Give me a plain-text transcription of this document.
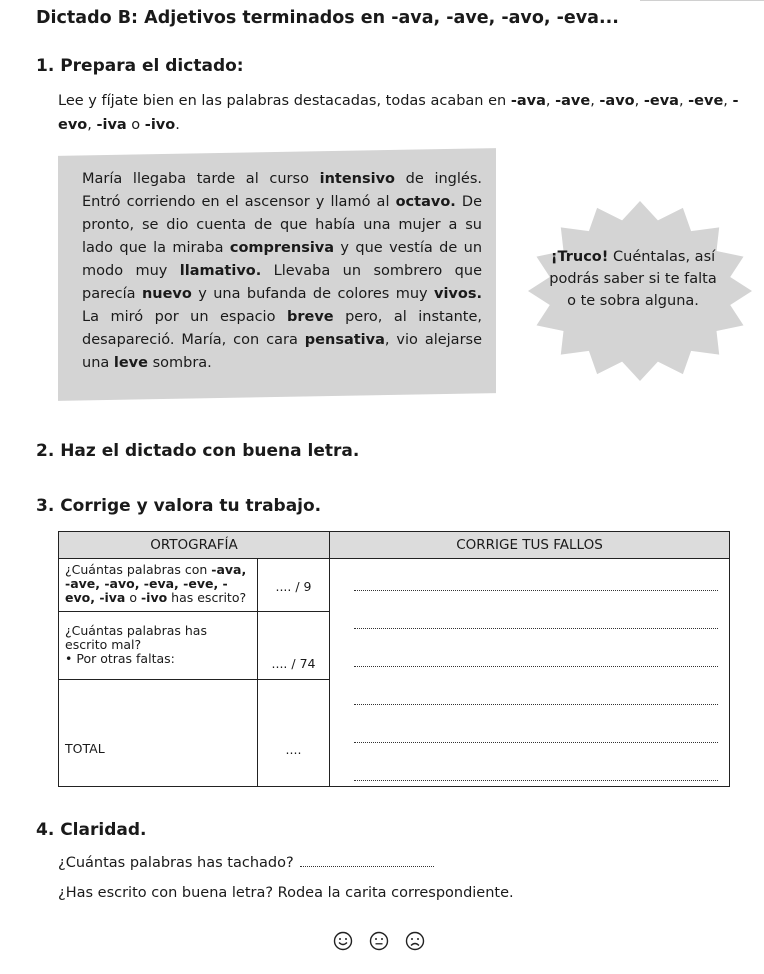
Dictado B: Adjetivos terminados en -ava, -ave, -avo, -eva...
1. Prepara el dictado:
Lee y fíjate bien en las palabras destacadas, todas acaban en -ava, -ave, -avo, -eva, -eve, -evo, -iva o -ivo.
María llegaba tarde al curso intensivo de inglés. Entró corriendo en el ascensor y llamó al octavo. De pronto, se dio cuenta de que había una mujer a su lado que la miraba comprensiva y que vestía de un modo muy llamativo. Llevaba un sombrero que parecía nuevo y una bufanda de colores muy vivos. La miró por un espacio breve pero, al instante, desapareció. María, con cara pensativa, vio alejarse una leve sombra.
¡Truco! Cuéntalas, así podrás saber si te falta o te sobra alguna.
2. Haz el dictado con buena letra.
3. Corrige y valora tu trabajo.
ORTOGRAFÍA		CORRIGE TUS FALLOS

¿Cuántas palabras con -ava, -ave, -avo, -eva, -eve, -evo, -iva o -ivo has escrito?	.... / 9	

¿Cuántas palabras has escrito mal?
• Por otras faltas:	.... / 74	

TOTAL	....	
4. Claridad.
¿Cuántas palabras has tachado?
¿Has escrito con buena letra? Rodea la carita correspondiente.
